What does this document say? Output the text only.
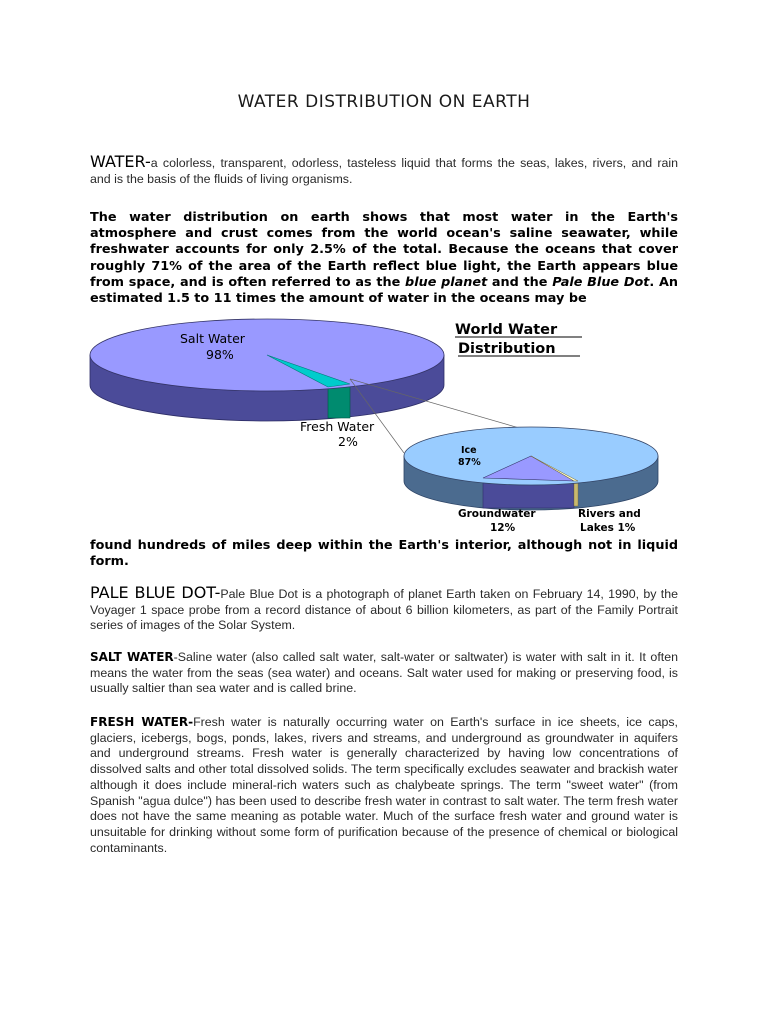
WATER DISTRIBUTION ON EARTH
WATER-a colorless, transparent, odorless, tasteless liquid that forms the seas, lakes, rivers, and rain and is the basis of the fluids of living organisms.
The water distribution on earth shows that most water in the Earth's atmosphere and crust comes from the world ocean's saline seawater, while freshwater accounts for only 2.5% of the total. Because the oceans that cover roughly 71% of the area of the Earth reflect blue light, the Earth appears blue from space, and is often referred to as the blue planet and the Pale Blue Dot. An estimated 1.5 to 11 times the amount of water in the oceans may be
Salt Water
98%
Fresh Water
2%
World Water
Distribution
Ice
87%
Groundwater
12%
Rivers and
Lakes 1%
found hundreds of miles deep within the Earth's interior, although not in liquid form.
PALE BLUE DOT-Pale Blue Dot is a photograph of planet Earth taken on February 14, 1990, by the Voyager 1 space probe from a record distance of about 6 billion kilometers, as part of the Family Portrait series of images of the Solar System.
SALT WATER-Saline water (also called salt water, salt-water or saltwater) is water with salt in it. It often means the water from the seas (sea water) and oceans. Salt water used for making or preserving food, is usually saltier than sea water and is called brine.
FRESH WATER-Fresh water is naturally occurring water on Earth's surface in ice sheets, ice caps, glaciers, icebergs, bogs, ponds, lakes, rivers and streams, and underground as groundwater in aquifers and underground streams. Fresh water is generally characterized by having low concentrations of dissolved salts and other total dissolved solids. The term specifically excludes seawater and brackish water although it does include mineral-rich waters such as chalybeate springs. The term "sweet water" (from Spanish "agua dulce") has been used to describe fresh water in contrast to salt water. The term fresh water does not have the same meaning as potable water. Much of the surface fresh water and ground water is unsuitable for drinking without some form of purification because of the presence of chemical or biological contaminants.
